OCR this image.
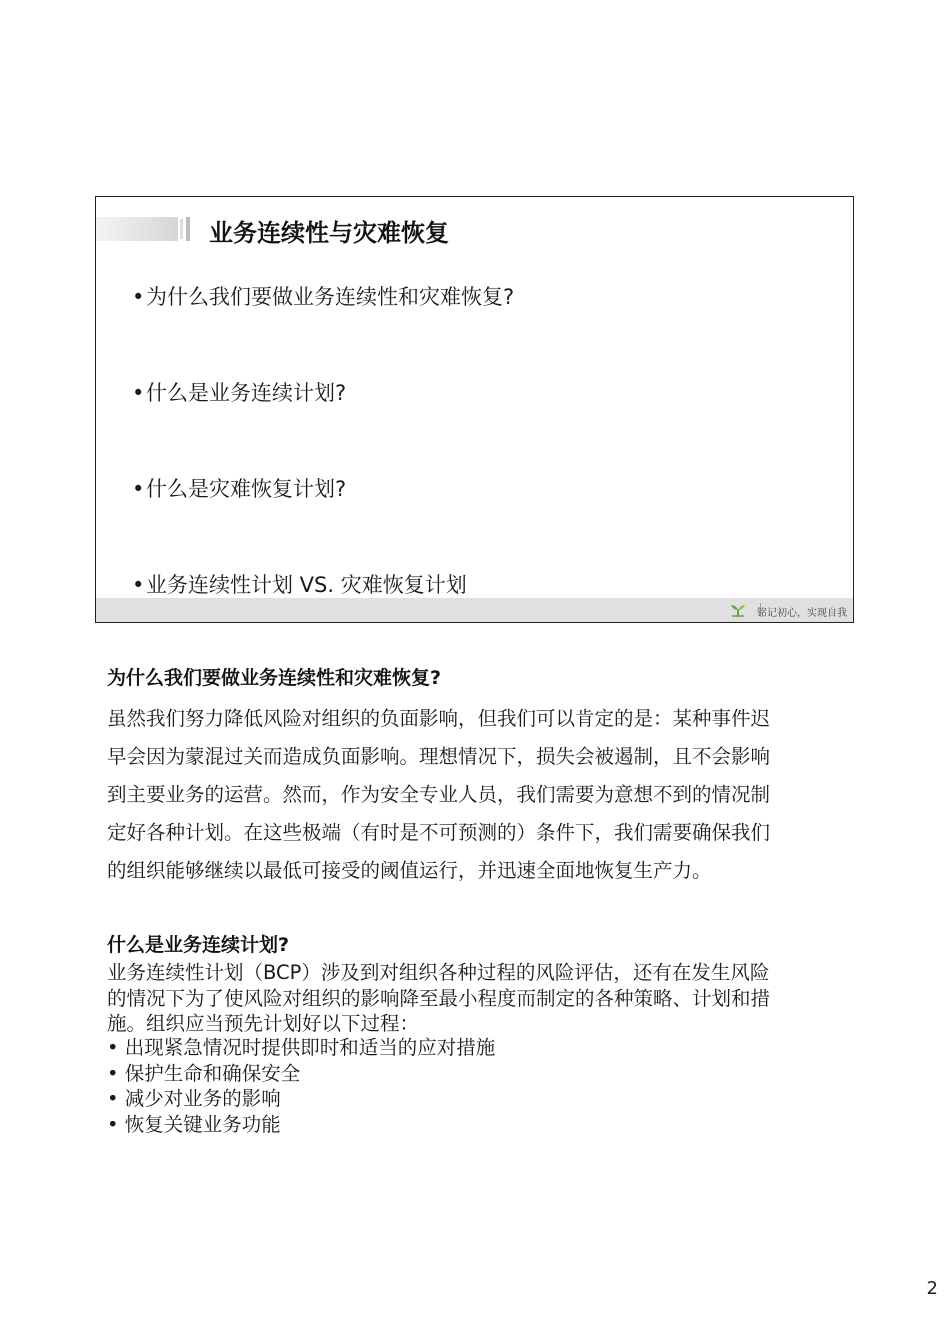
业务连续性与灾难恢复
•为什么我们要做业务连续性和灾难恢复?
•什么是业务连续计划?
•什么是灾难恢复计划?
•业务连续性计划 VS. 灾难恢复计划
铭记初心，实现自我
为什么我们要做业务连续性和灾难恢复?
虽然我们努力降低风险对组织的负面影响，但我们可以肯定的是：某种事件迟
早会因为蒙混过关而造成负面影响。理想情况下，损失会被遏制，且不会影响
到主要业务的运营。然而，作为安全专业人员，我们需要为意想不到的情况制
定好各种计划。在这些极端（有时是不可预测的）条件下，我们需要确保我们
的组织能够继续以最低可接受的阈值运行，并迅速全面地恢复生产力。
什么是业务连续计划?
业务连续性计划（BCP）涉及到对组织各种过程的风险评估，还有在发生风险
的情况下为了使风险对组织的影响降至最小程度而制定的各种策略、计划和措
施。组织应当预先计划好以下过程：
• 出现紧急情况时提供即时和适当的应对措施
• 保护生命和确保安全
• 减少对业务的影响
• 恢复关键业务功能
2
